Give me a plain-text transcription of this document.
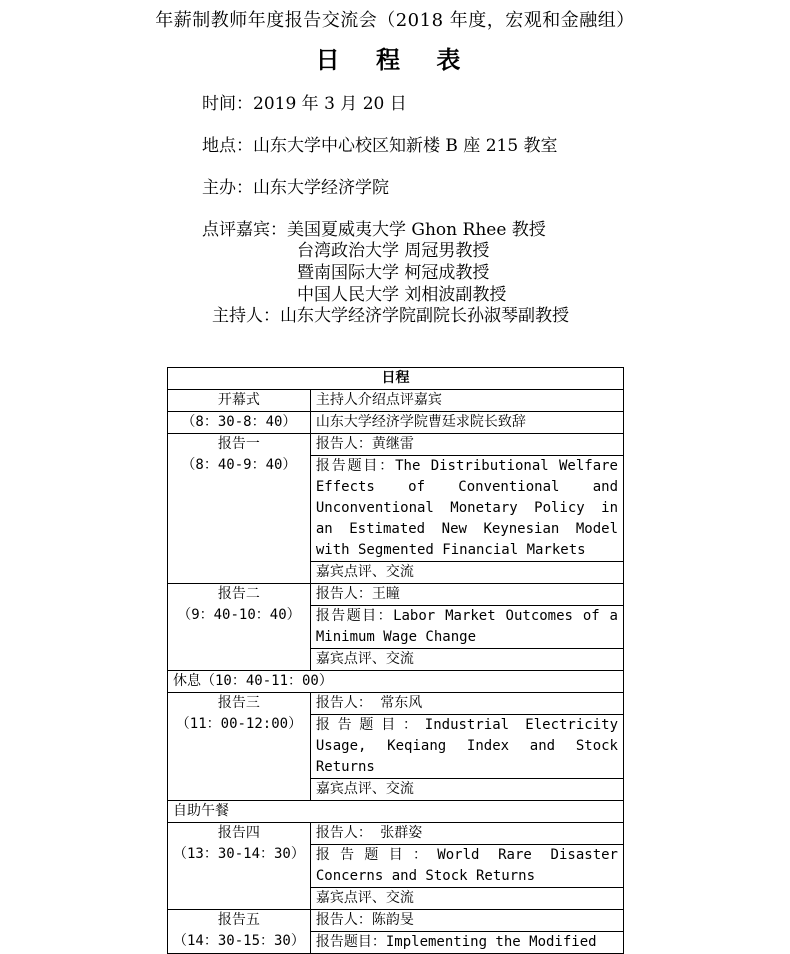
年薪制教师年度报告交流会（2018 年度，宏观和金融组）
日 程 表
时间：2019 年 3 月 20 日
地点：山东大学中心校区知新楼 B 座 215 教室
主办：山东大学经济学院
点评嘉宾：美国夏威夷大学 Ghon Rhee 教授
台湾政治大学 周冠男教授
暨南国际大学 柯冠成教授
中国人民大学 刘相波副教授
主持人：山东大学经济学院副院长孙淑琴副教授
日程	
开幕式	主持人介绍点评嘉宾
（8：30-8：40）	山东大学经济学院曹廷求院长致辞

报告一
（8：40-9：40）	报告人：黄继雷
	报告题目：The Distributional Welfare Effects of Conventional and Unconventional Monetary Policy in an Estimated New Keynesian Model with Segmented Financial Markets
	嘉宾点评、交流

报告二
（9：40-10：40）	报告人：王瞳
	报告题目：Labor Market Outcomes of a Minimum Wage Change
	嘉宾点评、交流
休息（10：40-11：00）	

报告三
（11：00-12:00）	报告人： 常东风
	报告题目：Industrial Electricity Usage, Keqiang Index and Stock Returns
	嘉宾点评、交流
自助午餐	

报告四
（13：30-14：30）	报告人： 张群姿
	报告题目：World Rare Disaster Concerns and Stock Returns
	嘉宾点评、交流

报告五
（14：30-15：30）	报告人：陈韵旻
	报告题目：Implementing the Modified
